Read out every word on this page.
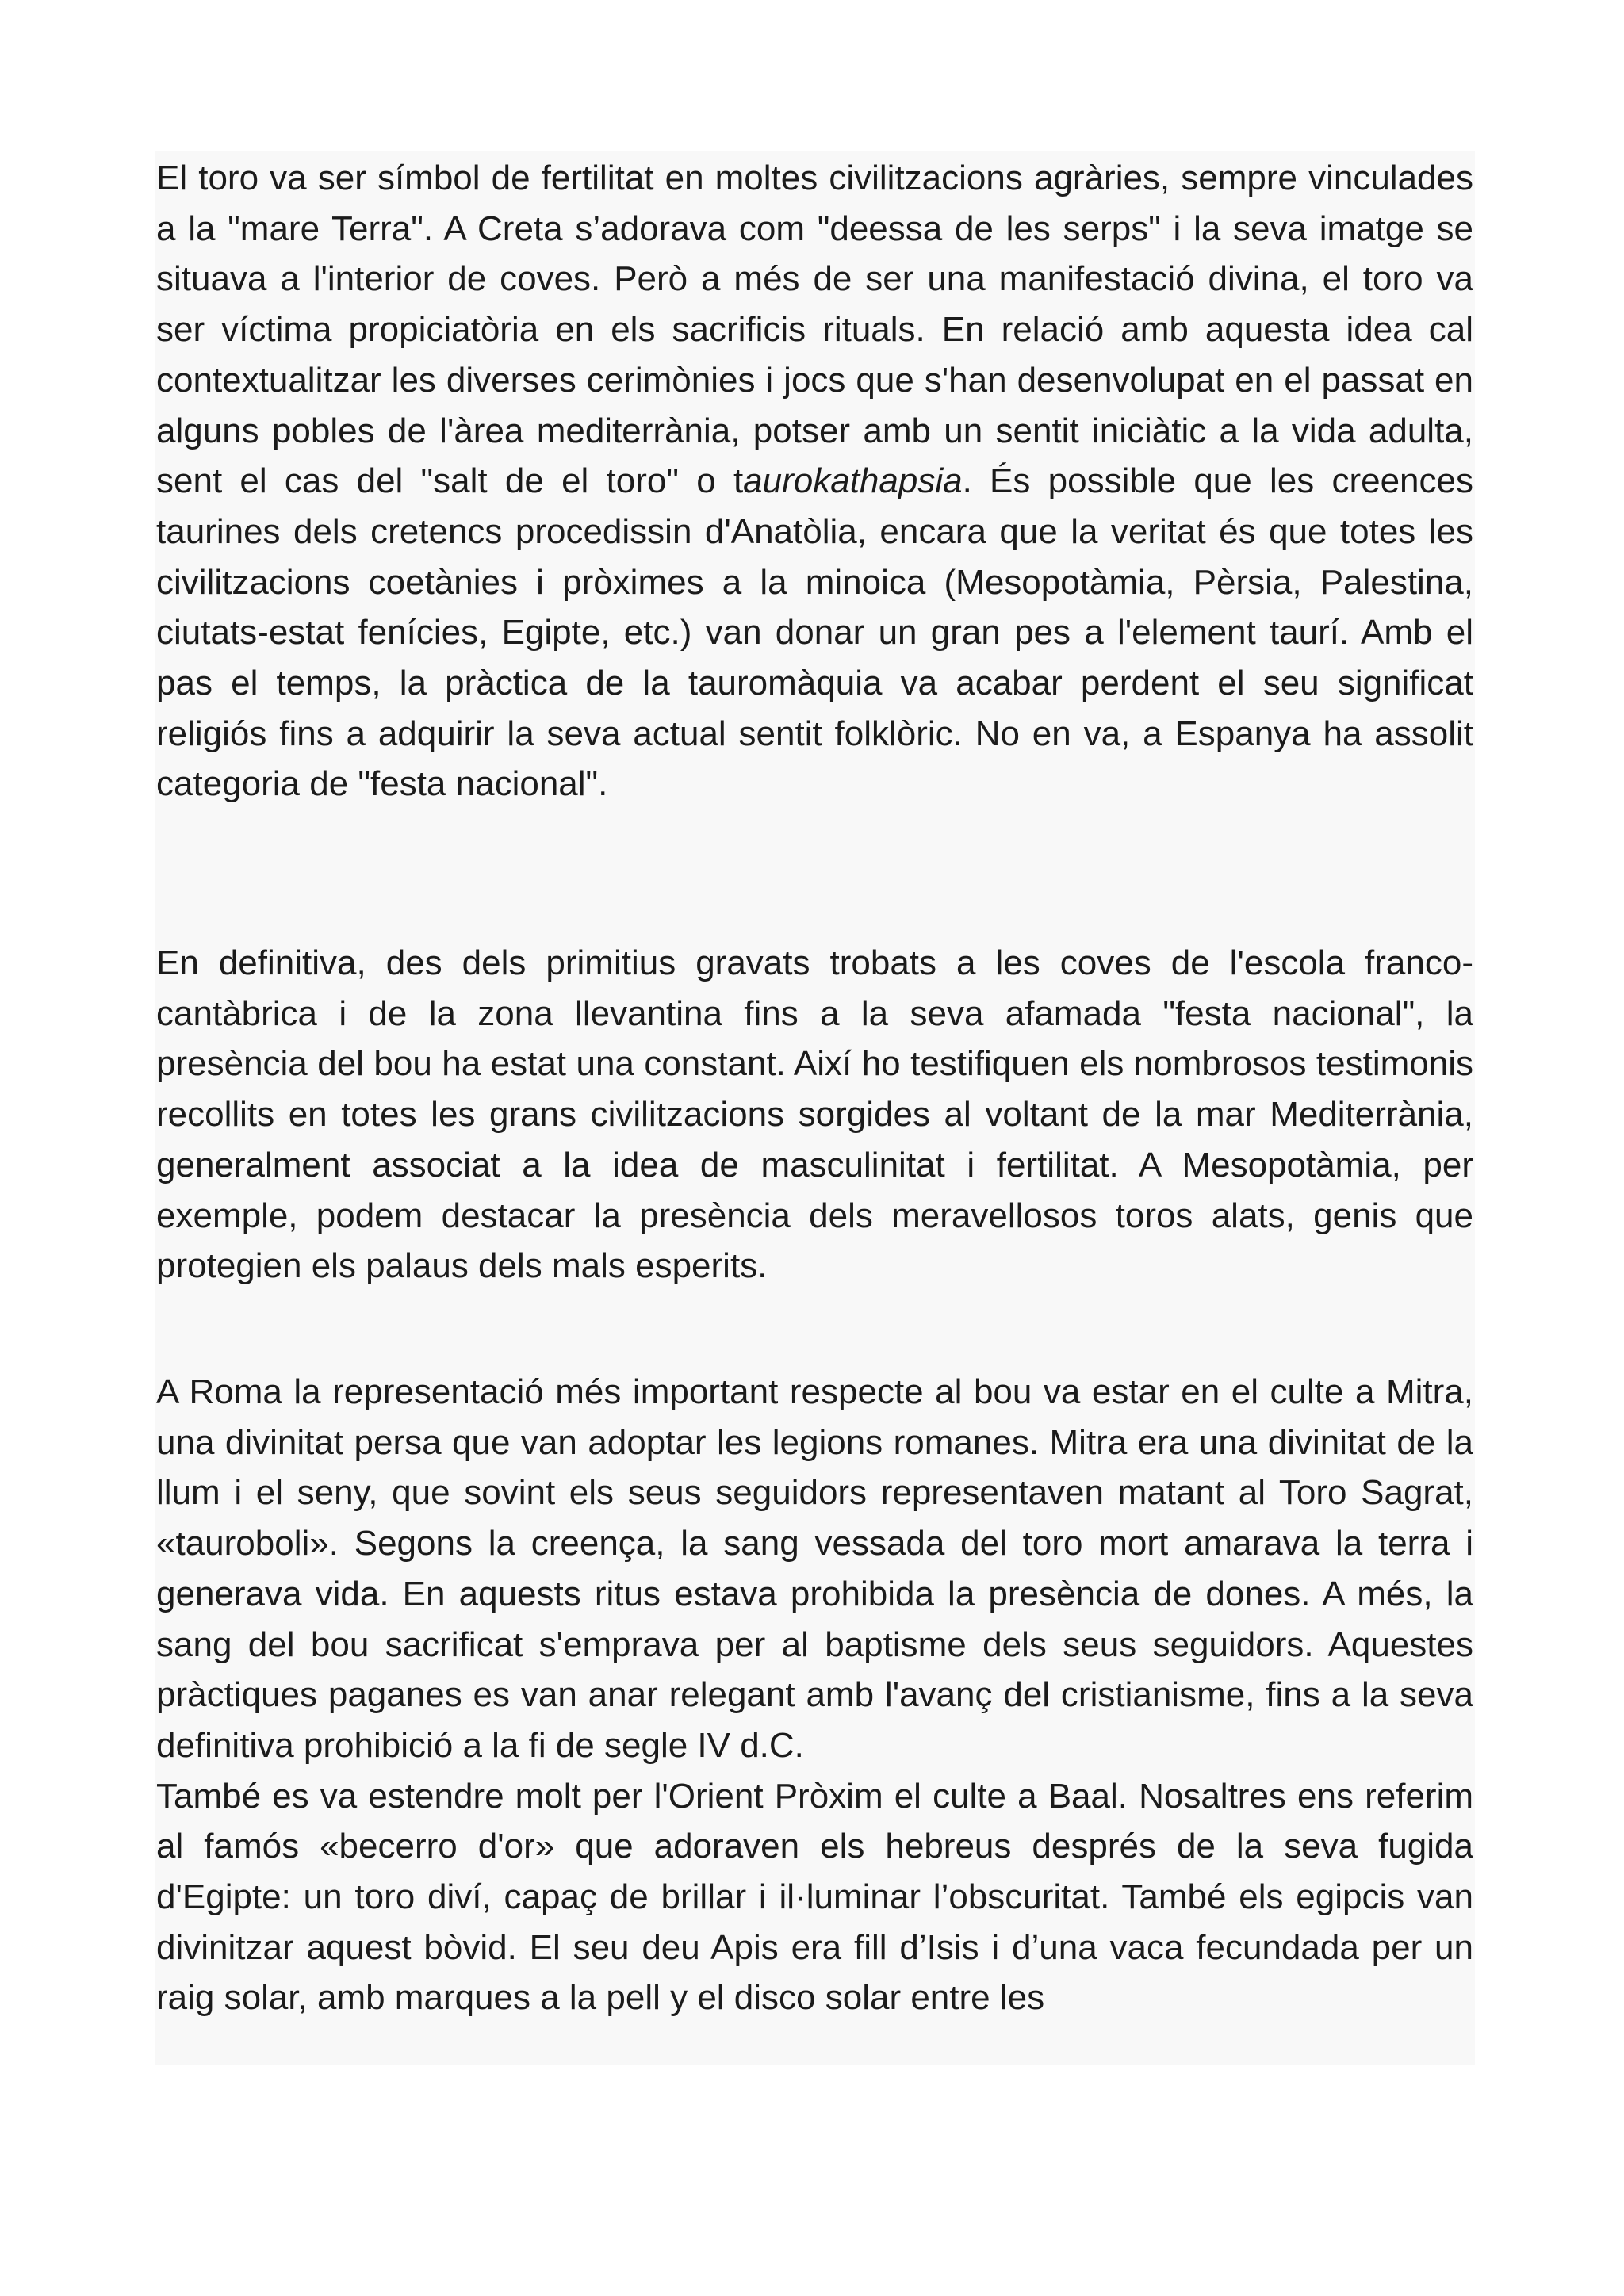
El toro va ser símbol de fertilitat en moltes civilitzacions agràries, sempre vinculades a la "mare Terra". A Creta s’adorava com "deessa de les serps" i la seva imatge se situava a l'interior de coves. Però a més de ser una manifestació divina, el toro va ser víctima propiciatòria en els sacrificis rituals. En relació amb aquesta idea cal contextualitzar les diverses cerimònies i jocs que s'han desenvolupat en el passat en alguns pobles de l'àrea mediterrània, potser amb un sentit iniciàtic a la vida adulta, sent el cas del "salt de el toro" o taurokathapsia. És possible que les creences taurines dels cretencs procedissin d'Anatòlia, encara que la veritat és que totes les civilitzacions coetànies i pròximes a la minoica (Mesopotàmia, Pèrsia, Palestina, ciutats-estat fenícies, Egipte, etc.) van donar un gran pes a l'element taurí. Amb el pas el temps, la pràctica de la tauromàquia va acabar perdent el seu significat religiós fins a adquirir la seva actual sentit folklòric. No en va, a Espanya ha assolit categoria de "festa nacional".

En definitiva, des dels primitius gravats trobats a les coves de l'escola franco-cantàbrica i de la zona llevantina fins a la seva afamada "festa nacional", la presència del bou ha estat una constant. Així ho testifiquen els nombrosos testimonis recollits en totes les grans civilitzacions sorgides al voltant de la mar Mediterrània, generalment associat a la idea de masculinitat i fertilitat. A Mesopotàmia, per exemple, podem destacar la presència dels meravellosos toros alats, genis que protegien els palaus dels mals esperits.

A Roma la representació més important respecte al bou va estar en el culte a Mitra, una divinitat persa que van adoptar les legions romanes. Mitra era una divinitat de la llum i el seny, que sovint els seus seguidors representaven matant al Toro Sagrat, «tauroboli». Segons la creença, la sang vessada del toro mort amarava la terra i generava vida. En aquests ritus estava prohibida la presència de dones. A més, la sang del bou sacrificat s'emprava per al baptisme dels seus seguidors. Aquestes pràctiques paganes es van anar relegant amb l'avanç del cristianisme, fins a la seva definitiva prohibició a la fi de segle IV d.C.

També es va estendre molt per l'Orient Pròxim el culte a Baal. Nosaltres ens referim al famós «becerro d'or» que adoraven els hebreus després de la seva fugida d'Egipte: un toro diví, capaç de brillar i il·luminar l’obscuritat. També els egipcis van divinitzar aquest bòvid. El seu deu Apis era fill d’Isis i d’una vaca fecundada per un raig solar, amb marques a la pell y el disco solar entre les
